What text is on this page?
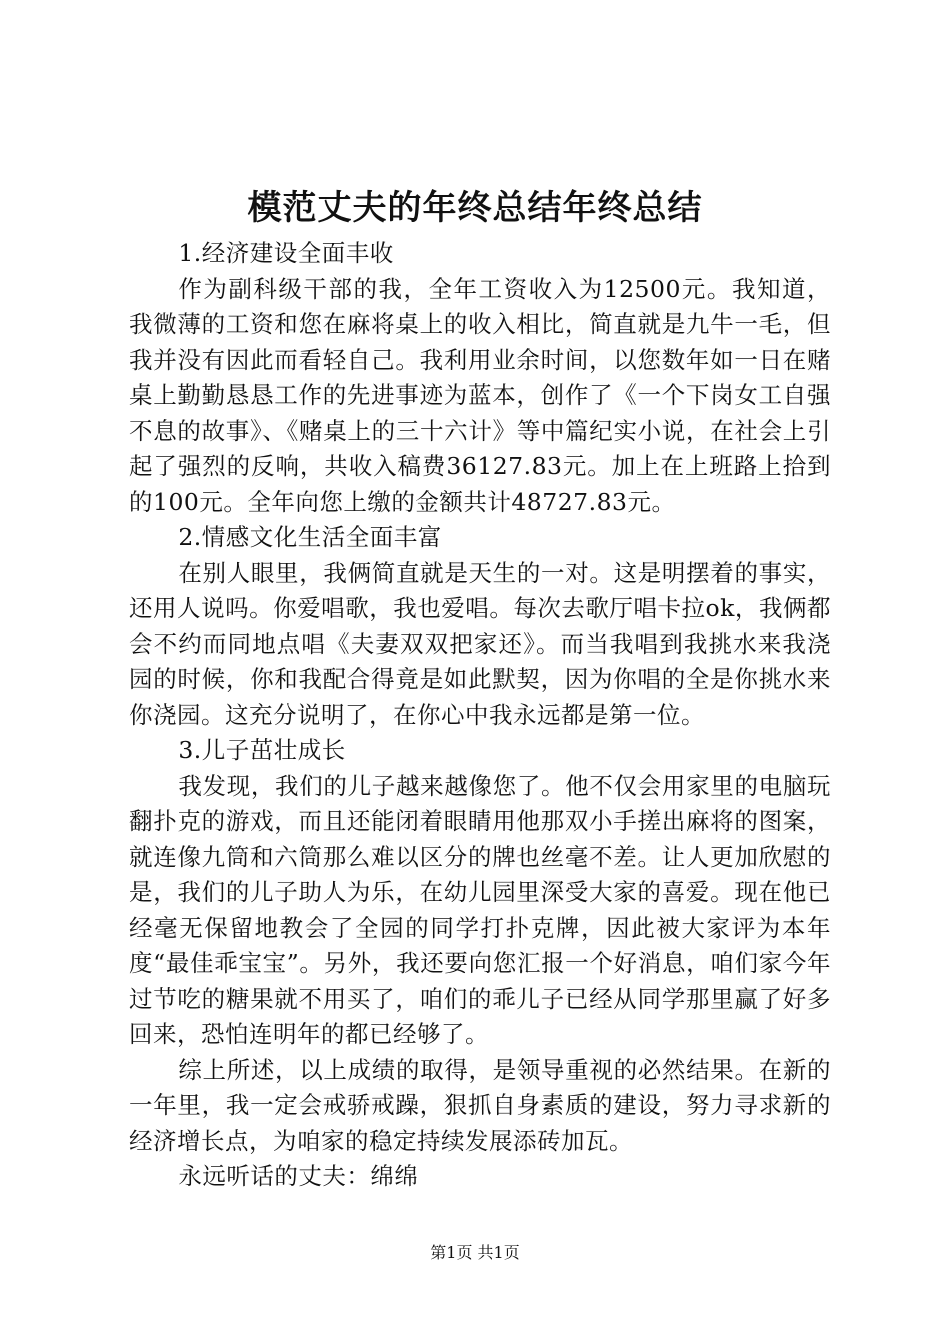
模范丈夫的年终总结年终总结

1.经济建设全面丰收

作为副科级干部的我，全年工资收入为12500元。我知道，我微薄的工资和您在麻将桌上的收入相比，简直就是九牛一毛，但我并没有因此而看轻自己。我利用业余时间，以您数年如一日在赌桌上勤勤恳恳工作的先进事迹为蓝本，创作了《一个下岗女工自强不息的故事》、《赌桌上的三十六计》等中篇纪实小说，在社会上引起了强烈的反响，共收入稿费36127.83元。加上在上班路上拾到的100元。全年向您上缴的金额共计48727.83元。

2.情感文化生活全面丰富

在别人眼里，我俩简直就是天生的一对。这是明摆着的事实，还用人说吗。你爱唱歌，我也爱唱。每次去歌厅唱卡拉ok，我俩都会不约而同地点唱《夫妻双双把家还》。而当我唱到我挑水来我浇园的时候，你和我配合得竟是如此默契，因为你唱的全是你挑水来你浇园。这充分说明了，在你心中我永远都是第一位。

3.儿子茁壮成长

我发现，我们的儿子越来越像您了。他不仅会用家里的电脑玩翻扑克的游戏，而且还能闭着眼睛用他那双小手搓出麻将的图案，就连像九筒和六筒那么难以区分的牌也丝毫不差。让人更加欣慰的是，我们的儿子助人为乐，在幼儿园里深受大家的喜爱。现在他已经毫无保留地教会了全园的同学打扑克牌，因此被大家评为本年度“最佳乖宝宝”。另外，我还要向您汇报一个好消息，咱们家今年过节吃的糖果就不用买了，咱们的乖儿子已经从同学那里赢了好多回来，恐怕连明年的都已经够了。

综上所述，以上成绩的取得，是领导重视的必然结果。在新的一年里，我一定会戒骄戒躁，狠抓自身素质的建设，努力寻求新的经济增长点，为咱家的稳定持续发展添砖加瓦。

永远听话的丈夫：绵绵

第1页 共1页
